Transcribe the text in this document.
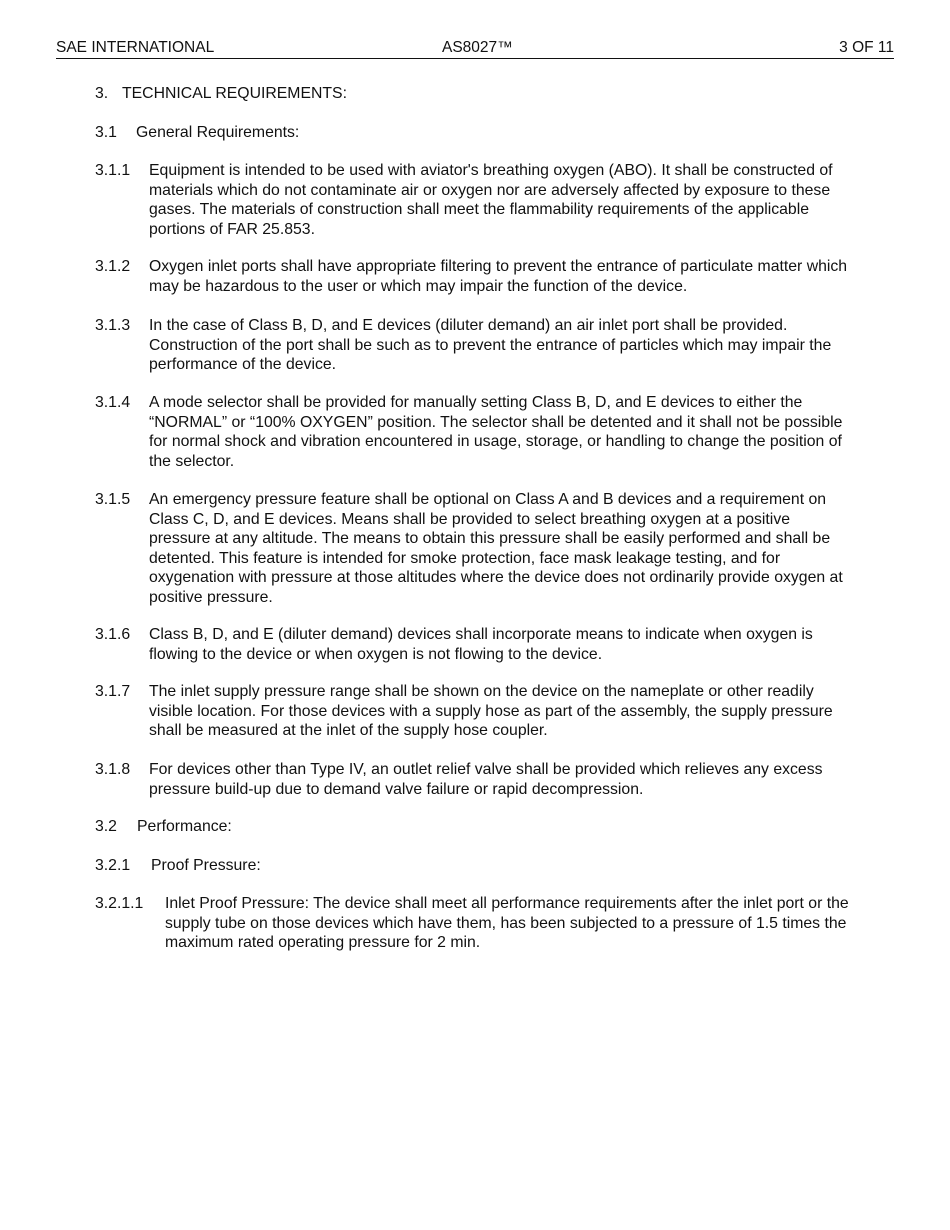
SAE INTERNATIONAL	AS8027™	3 OF 11
3. TECHNICAL REQUIREMENTS:
3.1	General Requirements:
3.1.1	Equipment is intended to be used with aviator's breathing oxygen (ABO). It shall be constructed of materials which do not contaminate air or oxygen nor are adversely affected by exposure to these gases. The materials of construction shall meet the flammability requirements of the applicable portions of FAR 25.853.
3.1.2	Oxygen inlet ports shall have appropriate filtering to prevent the entrance of particulate matter which may be hazardous to the user or which may impair the function of the device.
3.1.3	In the case of Class B, D, and E devices (diluter demand) an air inlet port shall be provided. Construction of the port shall be such as to prevent the entrance of particles which may impair the performance of the device.
3.1.4	A mode selector shall be provided for manually setting Class B, D, and E devices to either the “NORMAL” or “100% OXYGEN” position. The selector shall be detented and it shall not be possible for normal shock and vibration encountered in usage, storage, or handling to change the position of the selector.
3.1.5	An emergency pressure feature shall be optional on Class A and B devices and a requirement on Class C, D, and E devices. Means shall be provided to select breathing oxygen at a positive pressure at any altitude. The means to obtain this pressure shall be easily performed and shall be detented. This feature is intended for smoke protection, face mask leakage testing, and for oxygenation with pressure at those altitudes where the device does not ordinarily provide oxygen at positive pressure.
3.1.6	Class B, D, and E (diluter demand) devices shall incorporate means to indicate when oxygen is flowing to the device or when oxygen is not flowing to the device.
3.1.7	The inlet supply pressure range shall be shown on the device on the nameplate or other readily visible location. For those devices with a supply hose as part of the assembly, the supply pressure shall be measured at the inlet of the supply hose coupler.
3.1.8	For devices other than Type IV, an outlet relief valve shall be provided which relieves any excess pressure build-up due to demand valve failure or rapid decompression.
3.2	Performance:
3.2.1	Proof Pressure:
3.2.1.1	Inlet Proof Pressure: The device shall meet all performance requirements after the inlet port or the supply tube on those devices which have them, has been subjected to a pressure of 1.5 times the maximum rated operating pressure for 2 min.
